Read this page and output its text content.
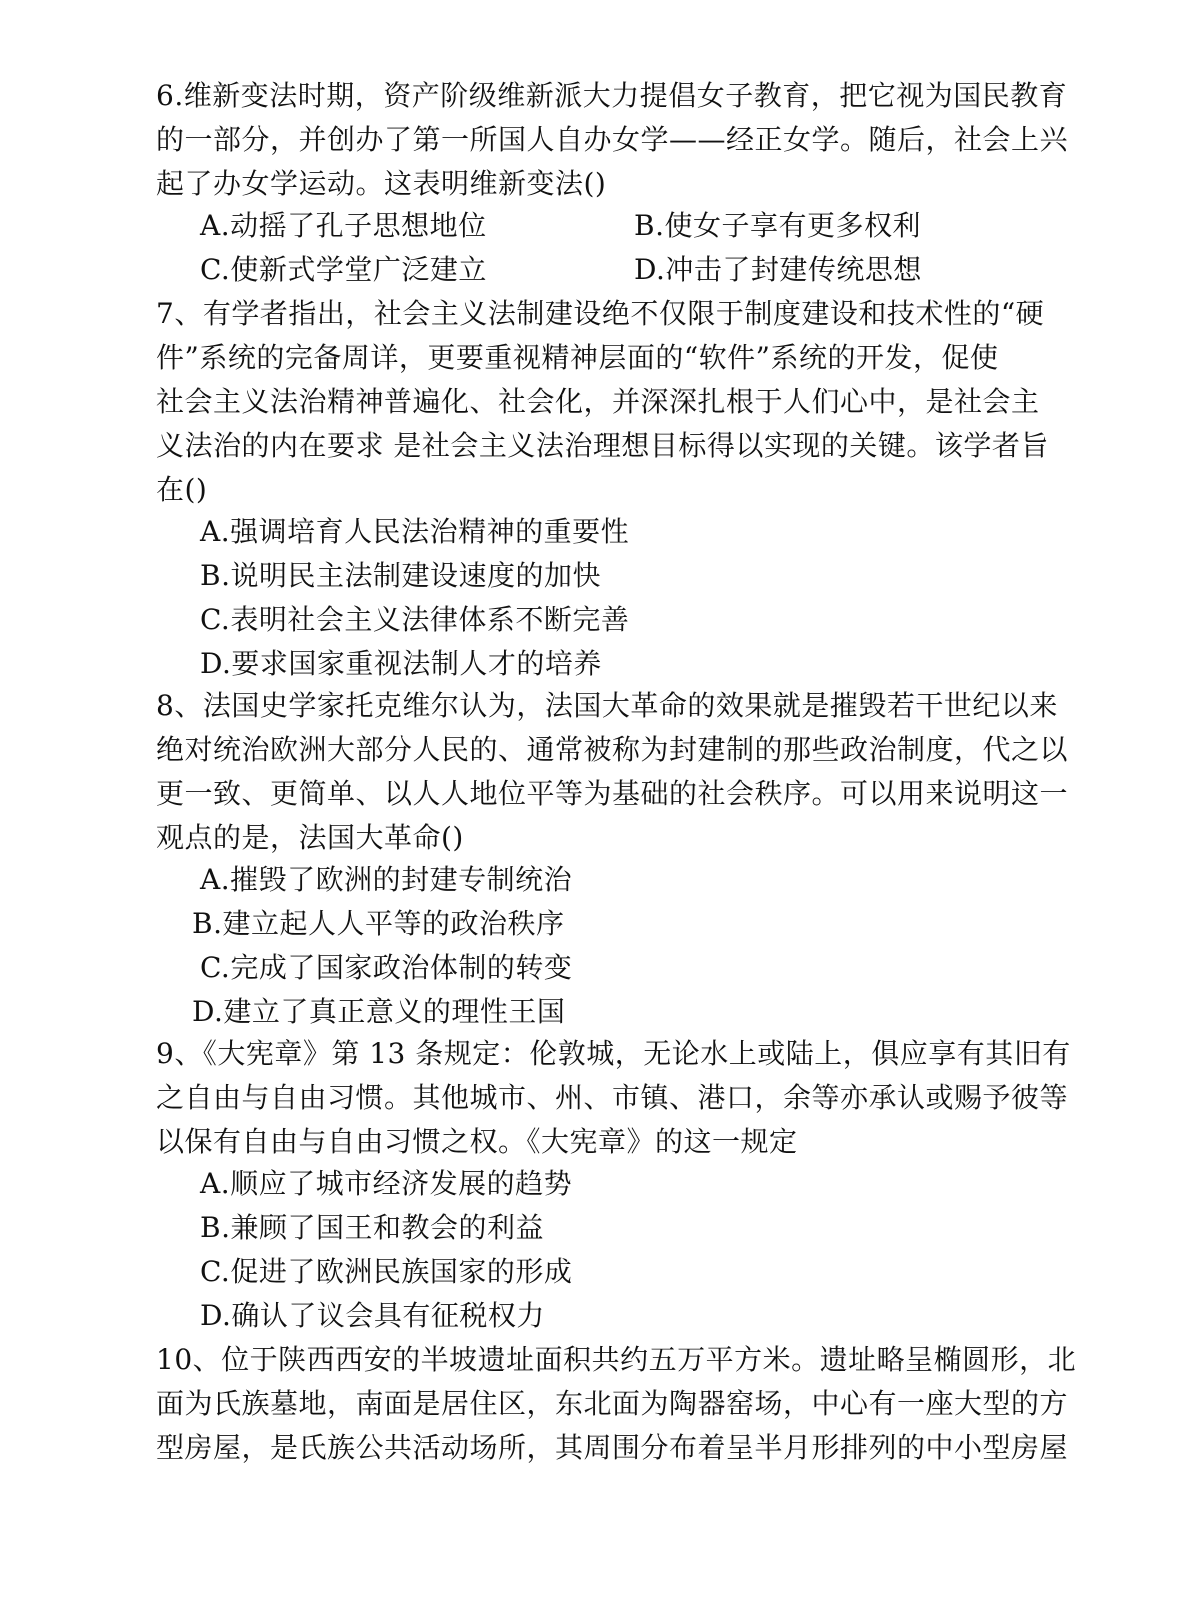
6.维新变法时期，资产阶级维新派大力提倡女子教育，把它视为国民教育
的一部分，并创办了第一所国人自办女学——经正女学。随后，社会上兴
起了办女学运动。这表明维新变法()
A.动摇了孔子思想地位	B.使女子享有更多权利
C.使新式学堂广泛建立	D.冲击了封建传统思想
7、有学者指出，社会主义法制建设绝不仅限于制度建设和技术性的“硬
件”系统的完备周详，更要重视精神层面的“软件”系统的开发，促使
社会主义法治精神普遍化、社会化，并深深扎根于人们心中，是社会主
义法治的内在要求 是社会主义法治理想目标得以实现的关键。该学者旨
在()
A.强调培育人民法治精神的重要性
B.说明民主法制建设速度的加快
C.表明社会主义法律体系不断完善
D.要求国家重视法制人才的培养
8、法国史学家托克维尔认为，法国大革命的效果就是摧毁若干世纪以来
绝对统治欧洲大部分人民的、通常被称为封建制的那些政治制度，代之以
更一致、更简单、以人人地位平等为基础的社会秩序。可以用来说明这一
观点的是，法国大革命()
A.摧毁了欧洲的封建专制统治
B.建立起人人平等的政治秩序
C.完成了国家政治体制的转变
D.建立了真正意义的理性王国
9、《大宪章》第 13 条规定：伦敦城，无论水上或陆上，俱应享有其旧有
之自由与自由习惯。其他城市、州、市镇、港口，余等亦承认或赐予彼等
以保有自由与自由习惯之权。《大宪章》的这一规定
A.顺应了城市经济发展的趋势
B.兼顾了国王和教会的利益
C.促进了欧洲民族国家的形成
D.确认了议会具有征税权力
10、位于陕西西安的半坡遗址面积共约五万平方米。遗址略呈椭圆形，北
面为氏族墓地，南面是居住区，东北面为陶器窑场，中心有一座大型的方
型房屋，是氏族公共活动场所，其周围分布着呈半月形排列的中小型房屋
